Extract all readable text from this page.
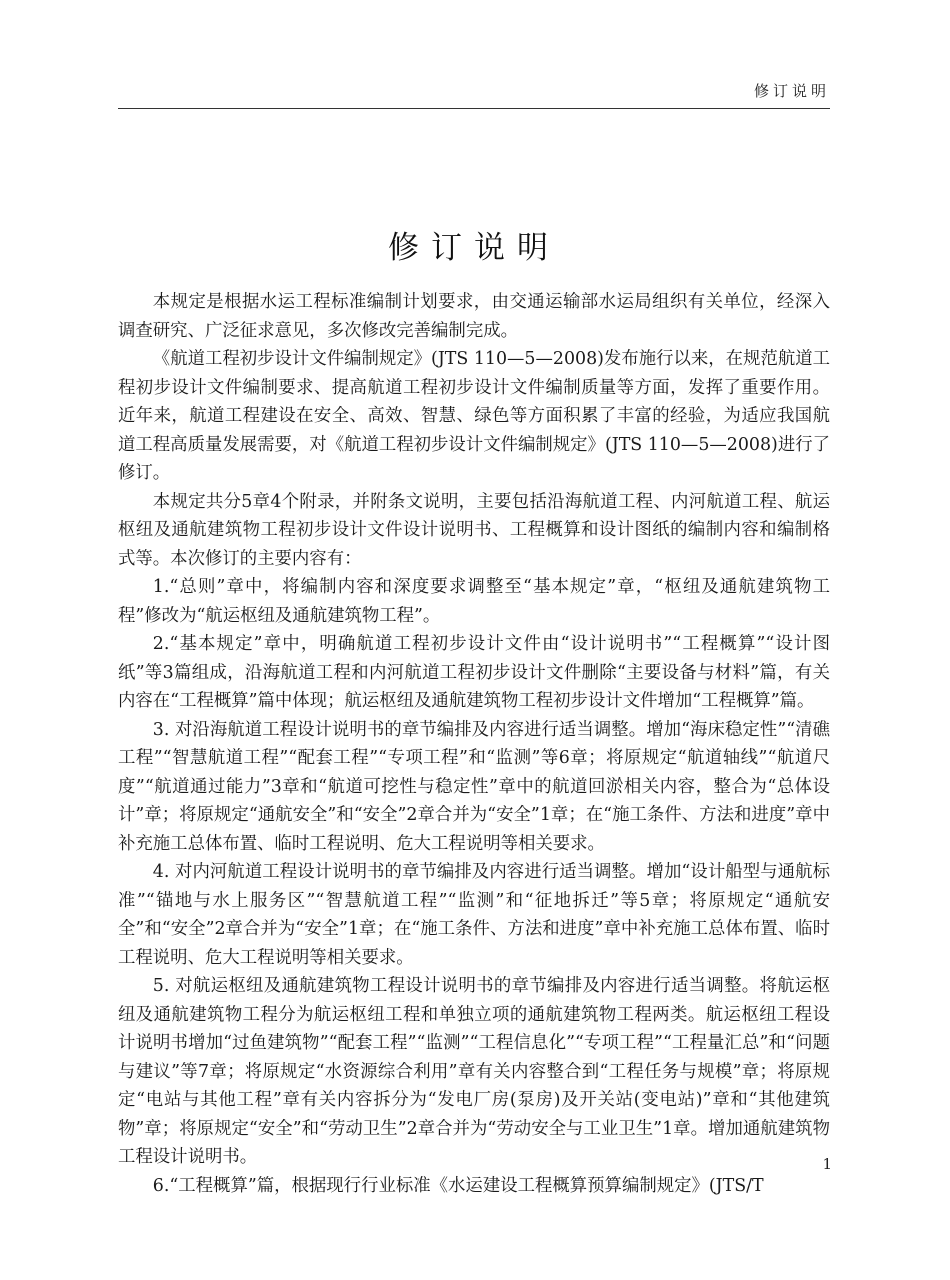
修订说明
修订说明

本规定是根据水运工程标准编制计划要求，由交通运输部水运局组织有关单位，经深入调查研究、广泛征求意见，多次修改完善编制完成。

《航道工程初步设计文件编制规定》(JTS 110—5—2008)发布施行以来，在规范航道工程初步设计文件编制要求、提高航道工程初步设计文件编制质量等方面，发挥了重要作用。近年来，航道工程建设在安全、高效、智慧、绿色等方面积累了丰富的经验，为适应我国航道工程高质量发展需要，对《航道工程初步设计文件编制规定》(JTS 110—5—2008)进行了修订。

本规定共分5章4个附录，并附条文说明，主要包括沿海航道工程、内河航道工程、航运枢纽及通航建筑物工程初步设计文件设计说明书、工程概算和设计图纸的编制内容和编制格式等。本次修订的主要内容有：

1.“总则”章中，将编制内容和深度要求调整至“基本规定”章，“枢纽及通航建筑物工程”修改为“航运枢纽及通航建筑物工程”。

2.“基本规定”章中，明确航道工程初步设计文件由“设计说明书”“工程概算”“设计图纸”等3篇组成，沿海航道工程和内河航道工程初步设计文件删除“主要设备与材料”篇，有关内容在“工程概算”篇中体现；航运枢纽及通航建筑物工程初步设计文件增加“工程概算”篇。

3. 对沿海航道工程设计说明书的章节编排及内容进行适当调整。增加“海床稳定性”“清礁工程”“智慧航道工程”“配套工程”“专项工程”和“监测”等6章；将原规定“航道轴线”“航道尺度”“航道通过能力”3章和“航道可挖性与稳定性”章中的航道回淤相关内容，整合为“总体设计”章；将原规定“通航安全”和“安全”2章合并为“安全”1章；在“施工条件、方法和进度”章中补充施工总体布置、临时工程说明、危大工程说明等相关要求。

4. 对内河航道工程设计说明书的章节编排及内容进行适当调整。增加“设计船型与通航标准”“锚地与水上服务区”“智慧航道工程”“监测”和“征地拆迁”等5章；将原规定“通航安全”和“安全”2章合并为“安全”1章；在“施工条件、方法和进度”章中补充施工总体布置、临时工程说明、危大工程说明等相关要求。

5. 对航运枢纽及通航建筑物工程设计说明书的章节编排及内容进行适当调整。将航运枢纽及通航建筑物工程分为航运枢纽工程和单独立项的通航建筑物工程两类。航运枢纽工程设计说明书增加“过鱼建筑物”“配套工程”“监测”“工程信息化”“专项工程”“工程量汇总”和“问题与建议”等7章；将原规定“水资源综合利用”章有关内容整合到“工程任务与规模”章；将原规定“电站与其他工程”章有关内容拆分为“发电厂房(泵房)及开关站(变电站)”章和“其他建筑物”章；将原规定“安全”和“劳动卫生”2章合并为“劳动安全与工业卫生”1章。增加通航建筑物工程设计说明书。

6.“工程概算”篇，根据现行行业标准《水运建设工程概算预算编制规定》(JTS/T

1
